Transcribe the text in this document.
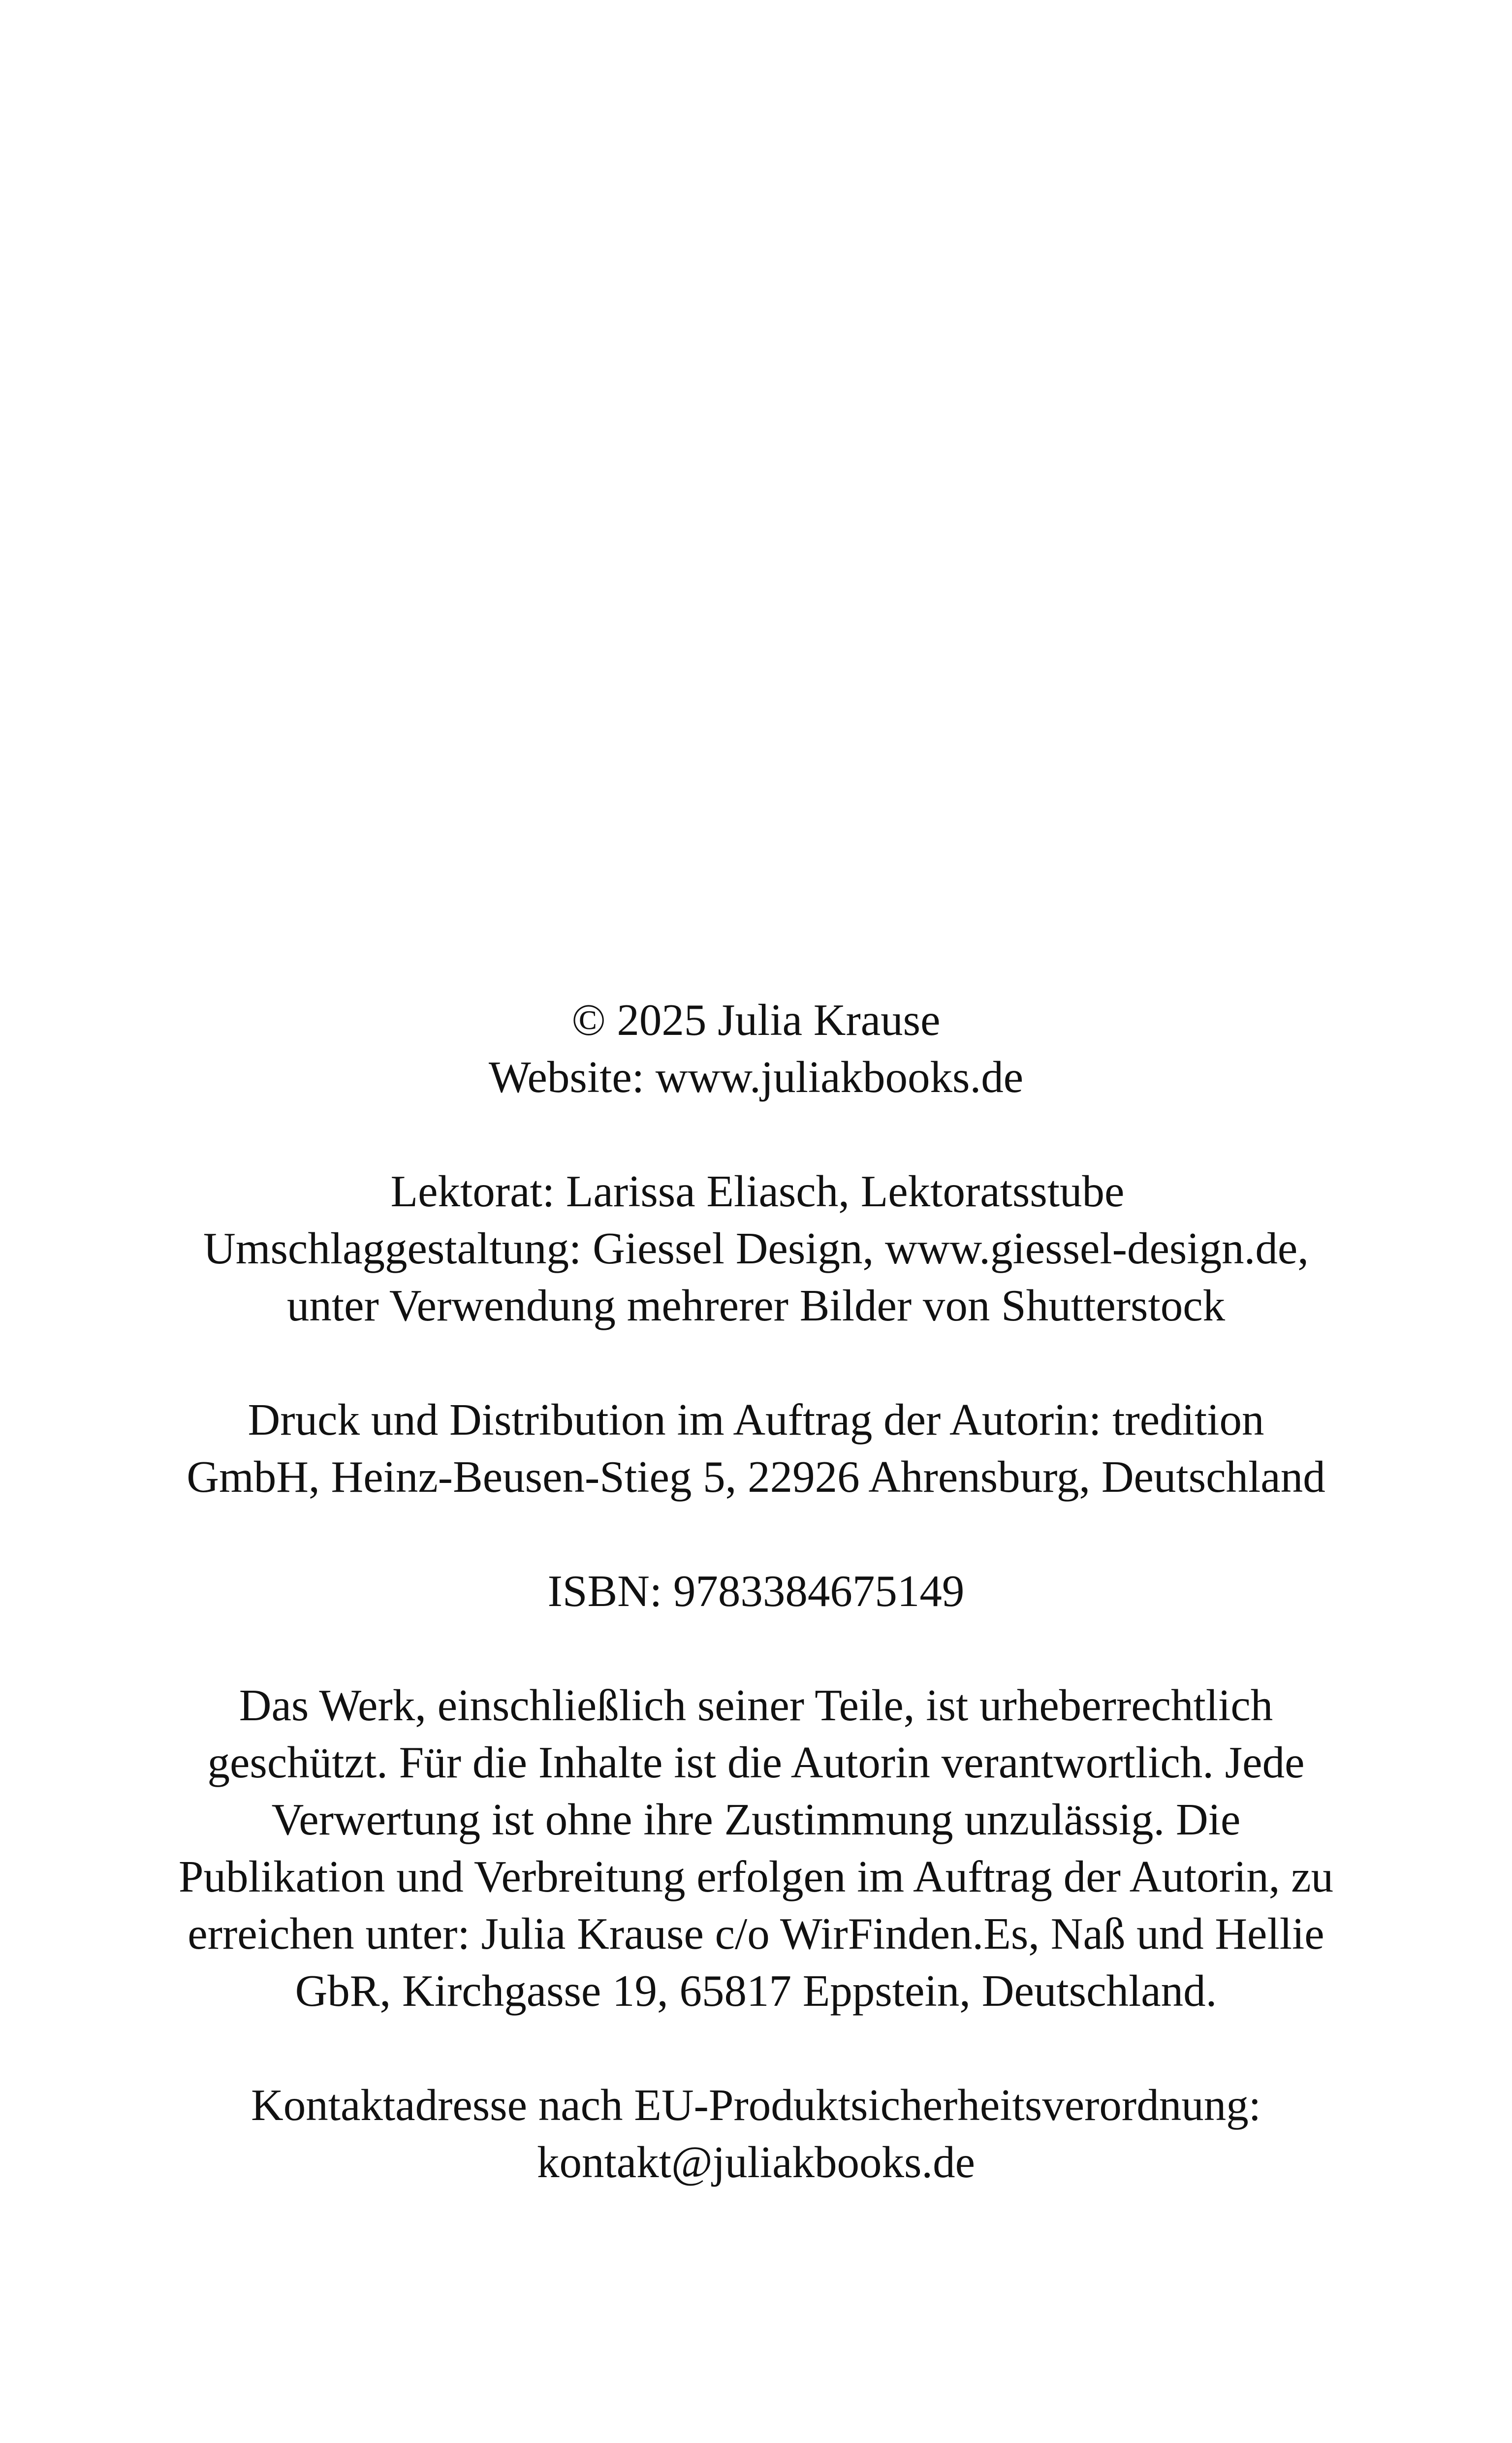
© 2025 Julia Krause
Website: www.juliakbooks.de
Lektorat: Larissa Eliasch, Lektoratsstube
Umschlaggestaltung: Giessel Design, www.giessel-design.de,
unter Verwendung mehrerer Bilder von Shutterstock
Druck und Distribution im Auftrag der Autorin: tredition
GmbH, Heinz-Beusen-Stieg 5, 22926 Ahrensburg, Deutschland
ISBN: 9783384675149
Das Werk, einschließlich seiner Teile, ist urheberrechtlich
geschützt. Für die Inhalte ist die Autorin verantwortlich. Jede
Verwertung ist ohne ihre Zustimmung unzulässig. Die
Publikation und Verbreitung erfolgen im Auftrag der Autorin, zu
erreichen unter: Julia Krause c/o WirFinden.Es, Naß und Hellie
GbR, Kirchgasse 19, 65817 Eppstein, Deutschland.
Kontaktadresse nach EU-Produktsicherheitsverordnung:
kontakt@juliakbooks.de
